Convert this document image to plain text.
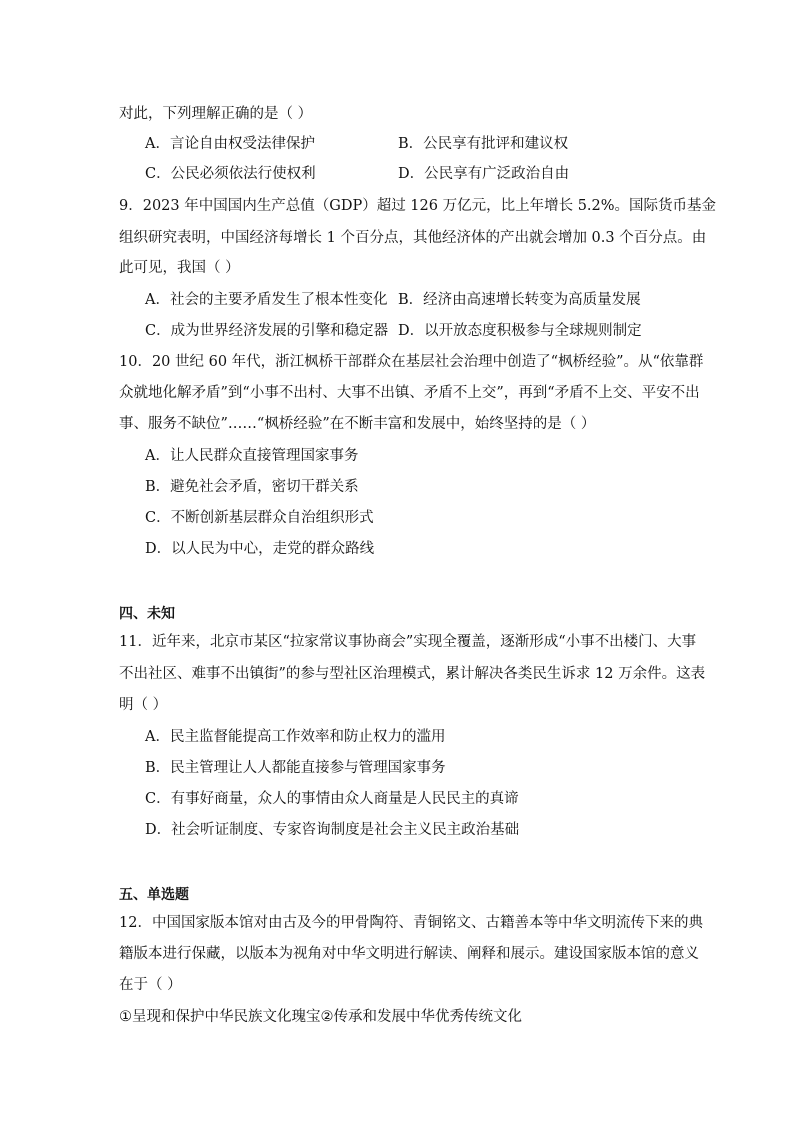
对此，下列理解正确的是（ ）
A．言论自由权受法律保护	B．公民享有批评和建议权
C．公民必须依法行使权利	D．公民享有广泛政治自由
9．2023 年中国国内生产总值（GDP）超过 126 万亿元，比上年增长 5.2%。国际货币基金
组织研究表明，中国经济每增长 1 个百分点，其他经济体的产出就会增加 0.3 个百分点。由
此可见，我国（ ）
A．社会的主要矛盾发生了根本性变化 B．经济由高速增长转变为高质量发展
C．成为世界经济发展的引擎和稳定器 D．以开放态度积极参与全球规则制定
10．20 世纪 60 年代，浙江枫桥干部群众在基层社会治理中创造了“枫桥经验”。从“依靠群
众就地化解矛盾”到“小事不出村、大事不出镇、矛盾不上交”，再到“矛盾不上交、平安不出
事、服务不缺位”……“枫桥经验”在不断丰富和发展中，始终坚持的是（ ）
A．让人民群众直接管理国家事务
B．避免社会矛盾，密切干群关系
C．不断创新基层群众自治组织形式
D．以人民为中心，走党的群众路线
四、未知
11．近年来，北京市某区“拉家常议事协商会”实现全覆盖，逐渐形成“小事不出楼门、大事
不出社区、难事不出镇街”的参与型社区治理模式，累计解决各类民生诉求 12 万余件。这表
明（ ）
A．民主监督能提高工作效率和防止权力的滥用
B．民主管理让人人都能直接参与管理国家事务
C．有事好商量，众人的事情由众人商量是人民民主的真谛
D．社会听证制度、专家咨询制度是社会主义民主政治基础
五、单选题
12．中国国家版本馆对由古及今的甲骨陶符、青铜铭文、古籍善本等中华文明流传下来的典
籍版本进行保藏，以版本为视角对中华文明进行解读、阐释和展示。建设国家版本馆的意义
在于（ ）
①呈现和保护中华民族文化瑰宝②传承和发展中华优秀传统文化
